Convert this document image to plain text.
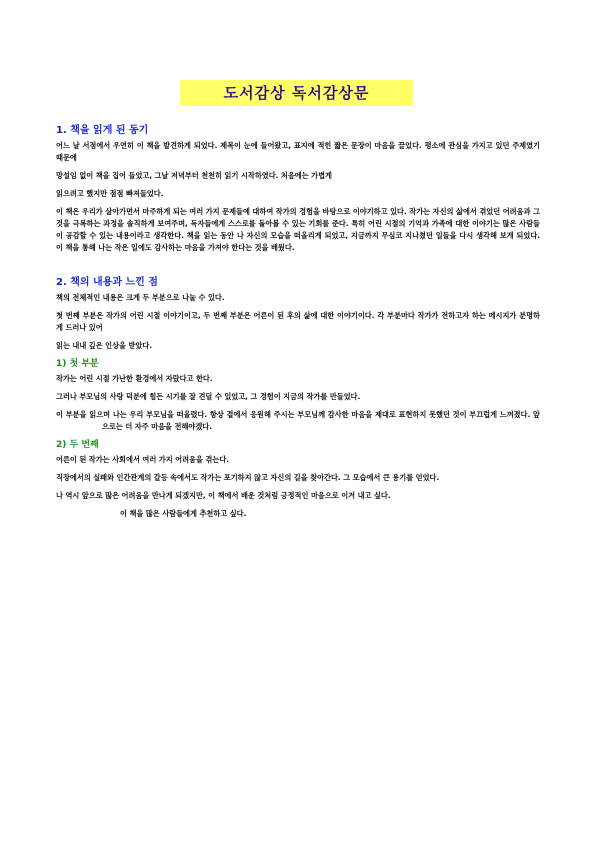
도서감상 독서감상문
1. 책을 읽게 된 동기

어느 날 서점에서 우연히 이 책을 발견하게 되었다. 제목이 눈에 들어왔고, 표지에 적힌 짧은 문장이 마음을 끌었다. 평소에 관심을 가지고 있던 주제였기 때문에

망설임 없이 책을 집어 들었고, 그날 저녁부터 천천히 읽기 시작하였다. 처음에는 가볍게

읽으려고 했지만 점점 빠져들었다.

이 책은 우리가 살아가면서 마주하게 되는 여러 가지 문제들에 대하여 작가의 경험을 바탕으로 이야기하고 있다. 작가는 자신의 삶에서 겪었던 어려움과 그것을 극복하는 과정을 솔직하게 보여주며, 독자들에게 스스로를 돌아볼 수 있는 기회를 준다. 특히 어린 시절의 기억과 가족에 대한 이야기는 많은 사람들이 공감할 수 있는 내용이라고 생각한다. 책을 읽는 동안 나 자신의 모습을 떠올리게 되었고, 지금까지 무심코 지나쳤던 일들을 다시 생각해 보게 되었다. 이 책을 통해 나는 작은 일에도 감사하는 마음을 가져야 한다는 것을 배웠다.

2. 책의 내용과 느낀 점

책의 전체적인 내용은 크게 두 부분으로 나눌 수 있다.

첫 번째 부분은 작가의 어린 시절 이야기이고, 두 번째 부분은 어른이 된 후의 삶에 대한 이야기이다. 각 부분마다 작가가 전하고자 하는 메시지가 분명하게 드러나 있어

읽는 내내 깊은 인상을 받았다.

1) 첫 부분

작가는 어린 시절 가난한 환경에서 자랐다고 한다.

그러나 부모님의 사랑 덕분에 힘든 시기를 잘 견딜 수 있었고, 그 경험이 지금의 작가를 만들었다.
이 부분을 읽으며 나는 우리 부모님을 떠올렸다. 항상 곁에서 응원해 주시는 부모님께 감사한 마음을 제대로 표현하지 못했던 것이 부끄럽게 느껴졌다. 앞으로는 더 자주 마음을 전해야겠다.
2) 두 번째

어른이 된 작가는 사회에서 여러 가지 어려움을 겪는다.

직장에서의 실패와 인간관계의 갈등 속에서도 작가는 포기하지 않고 자신의 길을 찾아간다. 그 모습에서 큰 용기를 얻었다.
나 역시 앞으로 많은 어려움을 만나게 되겠지만, 이 책에서 배운 것처럼 긍정적인 마음으로 이겨 내고 싶다.
이 책을 많은 사람들에게 추천하고 싶다.
